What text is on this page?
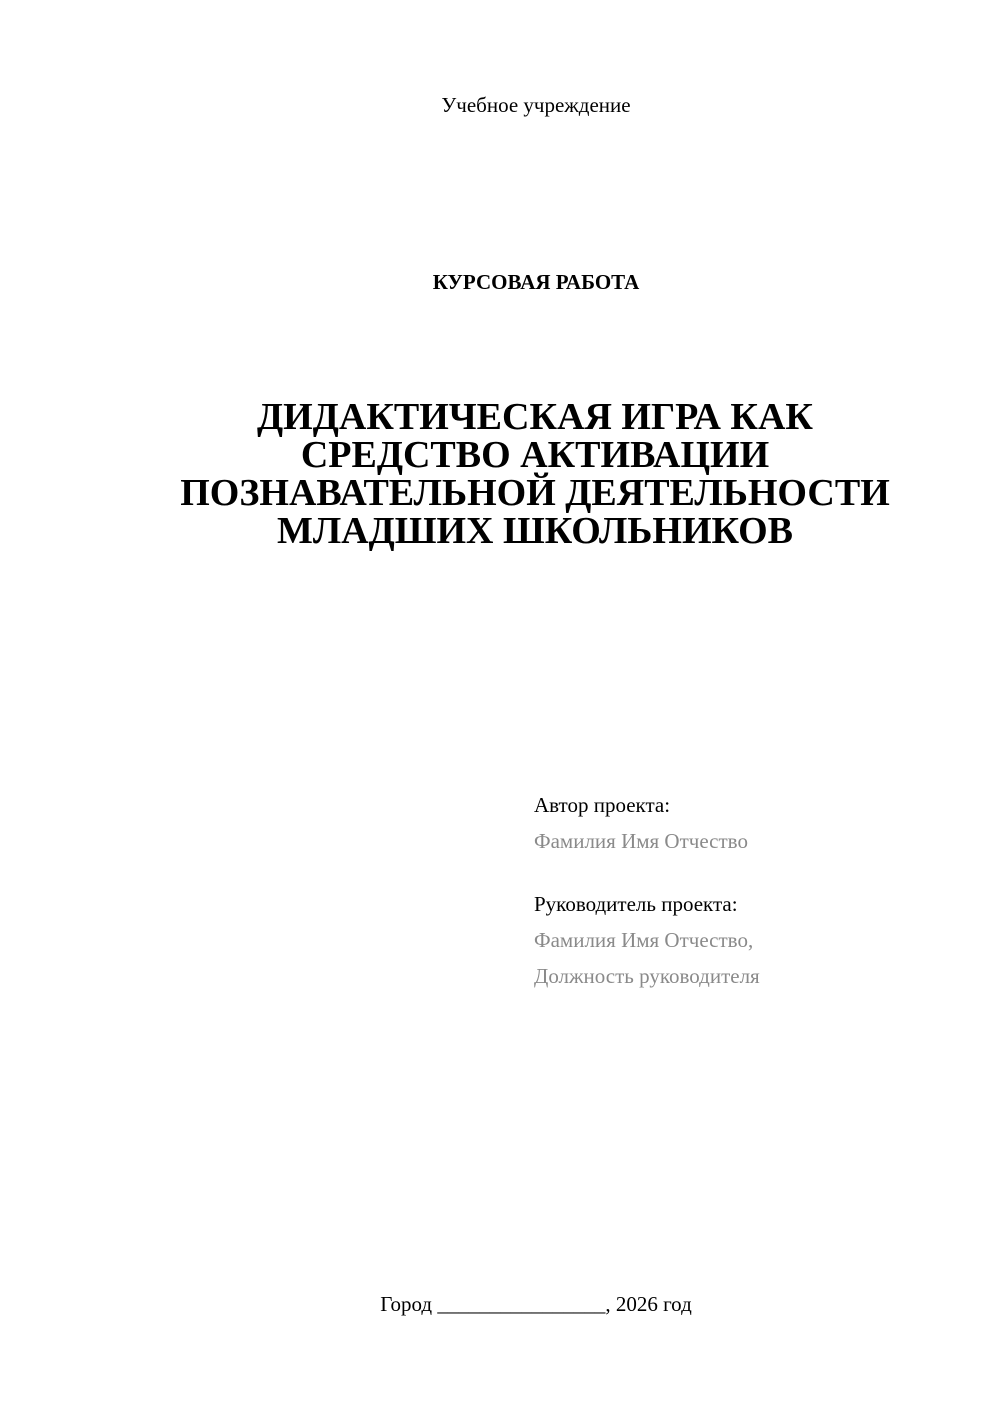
Учебное учреждение
КУРСОВАЯ РАБОТА
ДИДАКТИЧЕСКАЯ ИГРА КАК
СРЕДСТВО АКТИВАЦИИ
ПОЗНАВАТЕЛЬНОЙ ДЕЯТЕЛЬНОСТИ
МЛАДШИХ ШКОЛЬНИКОВ
Автор проекта:
Фамилия Имя Отчество
Руководитель проекта:
Фамилия Имя Отчество,
Должность руководителя
Город ________________, 2026 год
